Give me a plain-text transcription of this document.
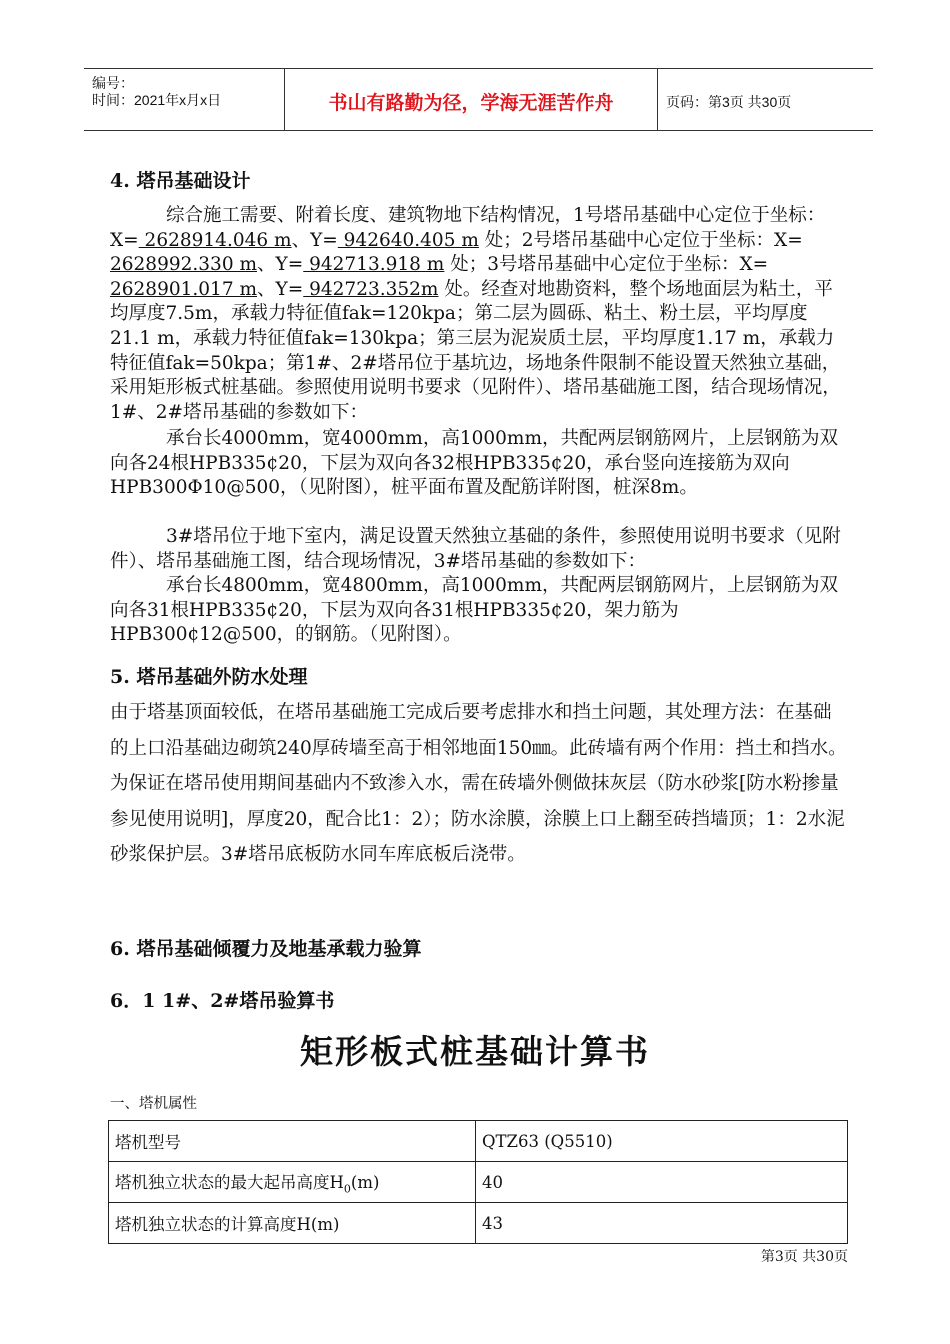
编号：
时间：2021年x月x日	书山有路勤为径，学海无涯苦作舟	页码：第3页 共30页
4. 塔吊基础设计

综合施工需要、附着长度、建筑物地下结构情况，1号塔吊基础中心定位于坐标：X= 2628914.046 m、Y= 942640.405 m 处；2号塔吊基础中心定位于坐标：X= 2628992.330 m、Y= 942713.918 m 处；3号塔吊基础中心定位于坐标：X= 2628901.017 m、Y= 942723.352m 处。经查对地勘资料，整个场地面层为粘土，平均厚度7.5m，承载力特征值fak=120kpa；第二层为圆砾、粘土、粉土层，平均厚度21.1 m，承载力特征值fak=130kpa；第三层为泥炭质土层，平均厚度1.17 m，承载力特征值fak=50kpa；第1#、2#塔吊位于基坑边，场地条件限制不能设置天然独立基础，采用矩形板式桩基础。参照使用说明书要求（见附件）、塔吊基础施工图，结合现场情况，1#、2#塔吊基础的参数如下：

承台长4000mm，宽4000mm，高1000mm，共配两层钢筋网片，上层钢筋为双向各24根HPB335¢20，下层为双向各32根HPB335¢20，承台竖向连接筋为双向HPB300Φ10@500，（见附图），桩平面布置及配筋详附图，桩深8m。

3#塔吊位于地下室内，满足设置天然独立基础的条件，参照使用说明书要求（见附件）、塔吊基础施工图，结合现场情况，3#塔吊基础的参数如下：

承台长4800mm，宽4800mm，高1000mm，共配两层钢筋网片，上层钢筋为双向各31根HPB335¢20，下层为双向各31根HPB335¢20，架力筋为HPB300¢12@500，的钢筋。（见附图）。

5. 塔吊基础外防水处理

由于塔基顶面较低，在塔吊基础施工完成后要考虑排水和挡土问题，其处理方法：在基础的上口沿基础边砌筑240厚砖墙至高于相邻地面150㎜。此砖墙有两个作用：挡土和挡水。为保证在塔吊使用期间基础内不致渗入水，需在砖墙外侧做抹灰层（防水砂浆[防水粉掺量参见使用说明]，厚度20，配合比1：2）；防水涂膜，涂膜上口上翻至砖挡墙顶；1：2水泥砂浆保护层。3#塔吊底板防水同车库底板后浇带。

6. 塔吊基础倾覆力及地基承载力验算
6．1 1#、2#塔吊验算书
矩形板式桩基础计算书
一、塔机属性
塔机型号	QTZ63 (Q5510)
塔机独立状态的最大起吊高度$H_0(m)$	40
塔机独立状态的计算高度H(m)	43
第3页 共30页
